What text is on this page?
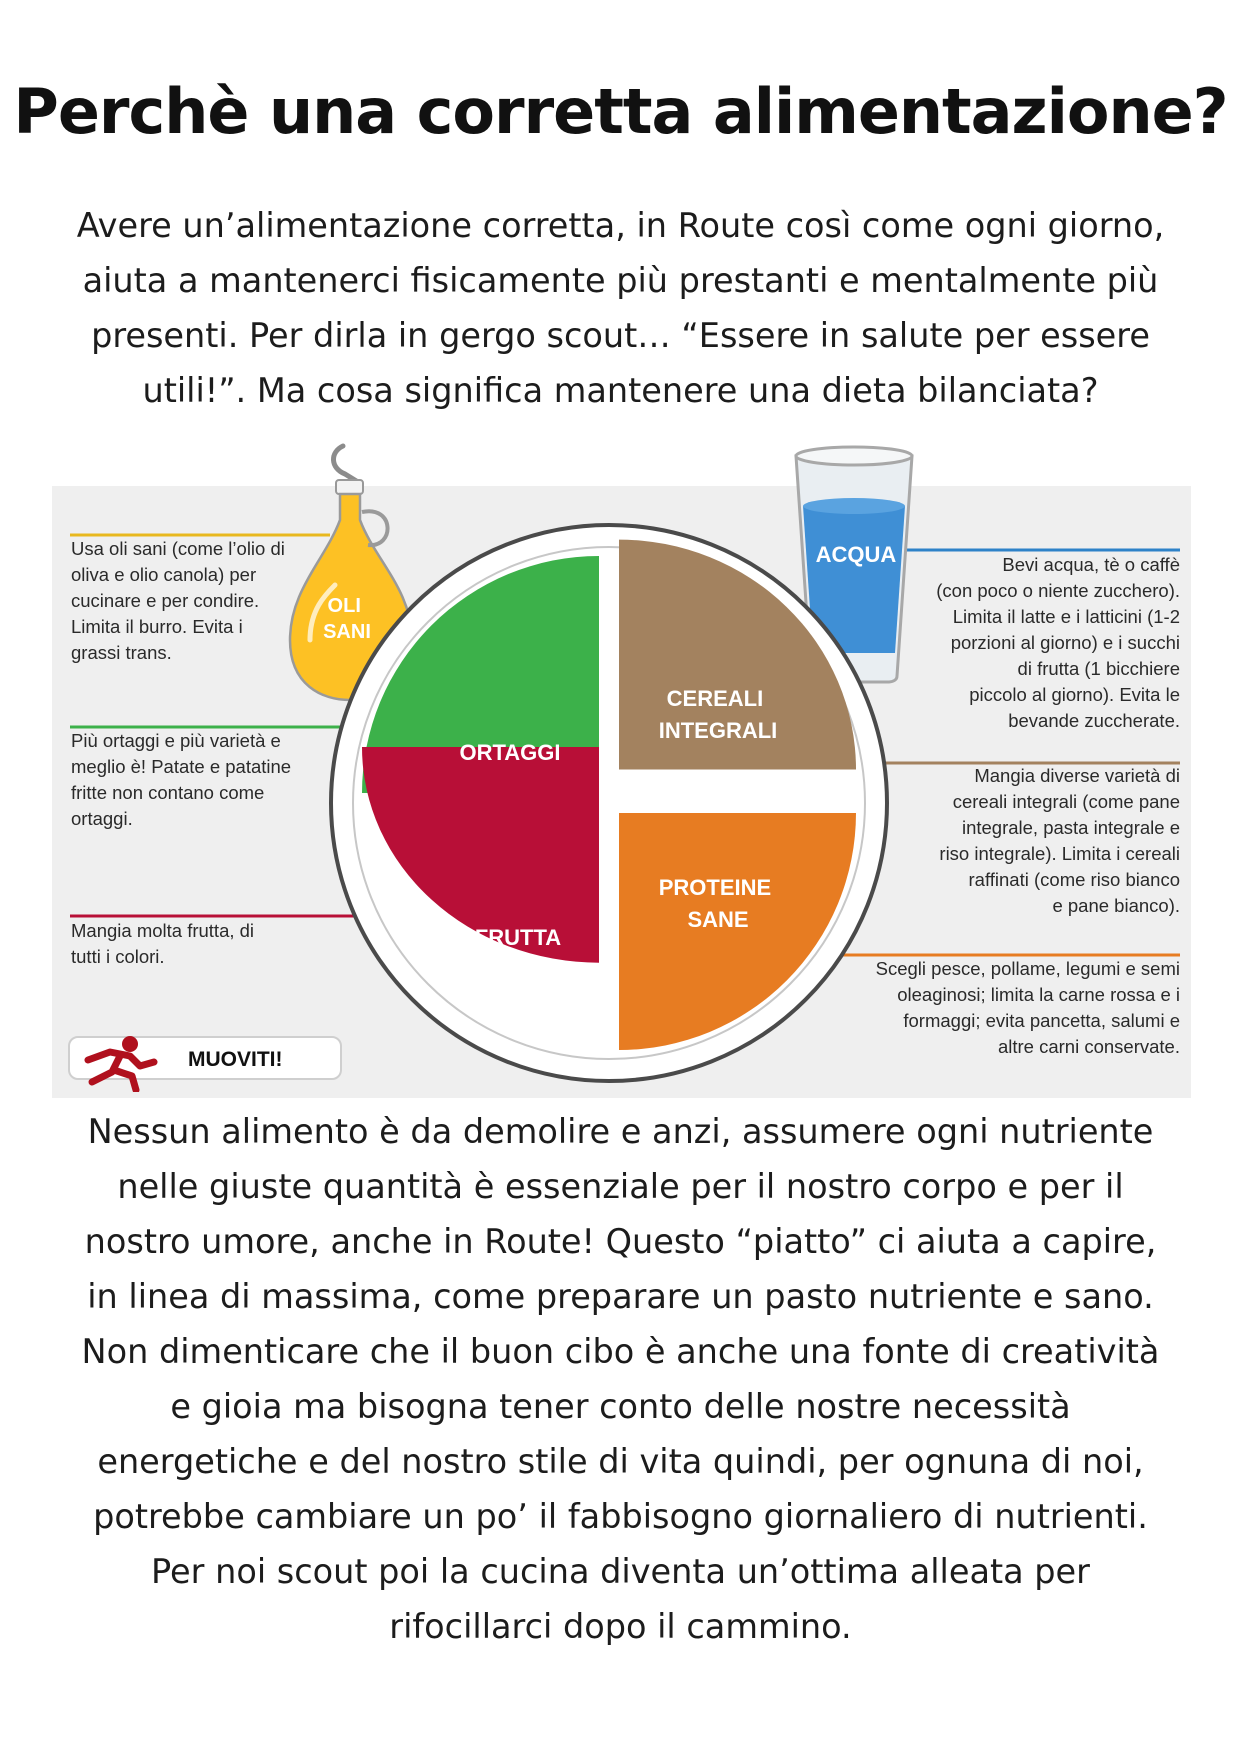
Perchè una corretta alimentazione?
Avere un’alimentazione corretta, in Route così come ogni giorno, aiuta a mantenerci fisicamente più prestanti e mentalmente più presenti. Per dirla in gergo scout… “Essere in salute per essere utili!”. Ma cosa significa mantenere una dieta bilanciata?
OLI SANI
ACQUA
ORTAGGI
CEREALI INTEGRALI
FRUTTA
PROTEINE SANE
Usa oli sani (come l’olio di
oliva e olio canola) per
cucinare e per condire.
Limita il burro. Evita i
grassi trans.
Più ortaggi e più varietà e
meglio è! Patate e patatine
fritte non contano come
ortaggi.
Mangia molta frutta, di
tutti i colori.
Bevi acqua, tè o caffè
(con poco o niente zucchero).
Limita il latte e i latticini (1-2
porzioni al giorno) e i succhi
di frutta (1 bicchiere
piccolo al giorno). Evita le
bevande zuccherate.
Mangia diverse varietà di
cereali integrali (come pane
integrale, pasta integrale e
riso integrale). Limita i cereali
raffinati (come riso bianco
e pane bianco).
Scegli pesce, pollame, legumi e semi
oleaginosi; limita la carne rossa e i
formaggi; evita pancetta, salumi e
altre carni conservate.
MUOVITI!
Nessun alimento è da demolire e anzi, assumere ogni nutriente nelle giuste quantità è essenziale per il nostro corpo e per il nostro umore, anche in Route! Questo “piatto” ci aiuta a capire, in linea di massima, come preparare un pasto nutriente e sano. Non dimenticare che il buon cibo è anche una fonte di creatività e gioia ma bisogna tener conto delle nostre necessità energetiche e del nostro stile di vita quindi, per ognuna di noi, potrebbe cambiare un po’ il fabbisogno giornaliero di nutrienti. Per noi scout poi la cucina diventa un’ottima alleata per rifocillarci dopo il cammino.
